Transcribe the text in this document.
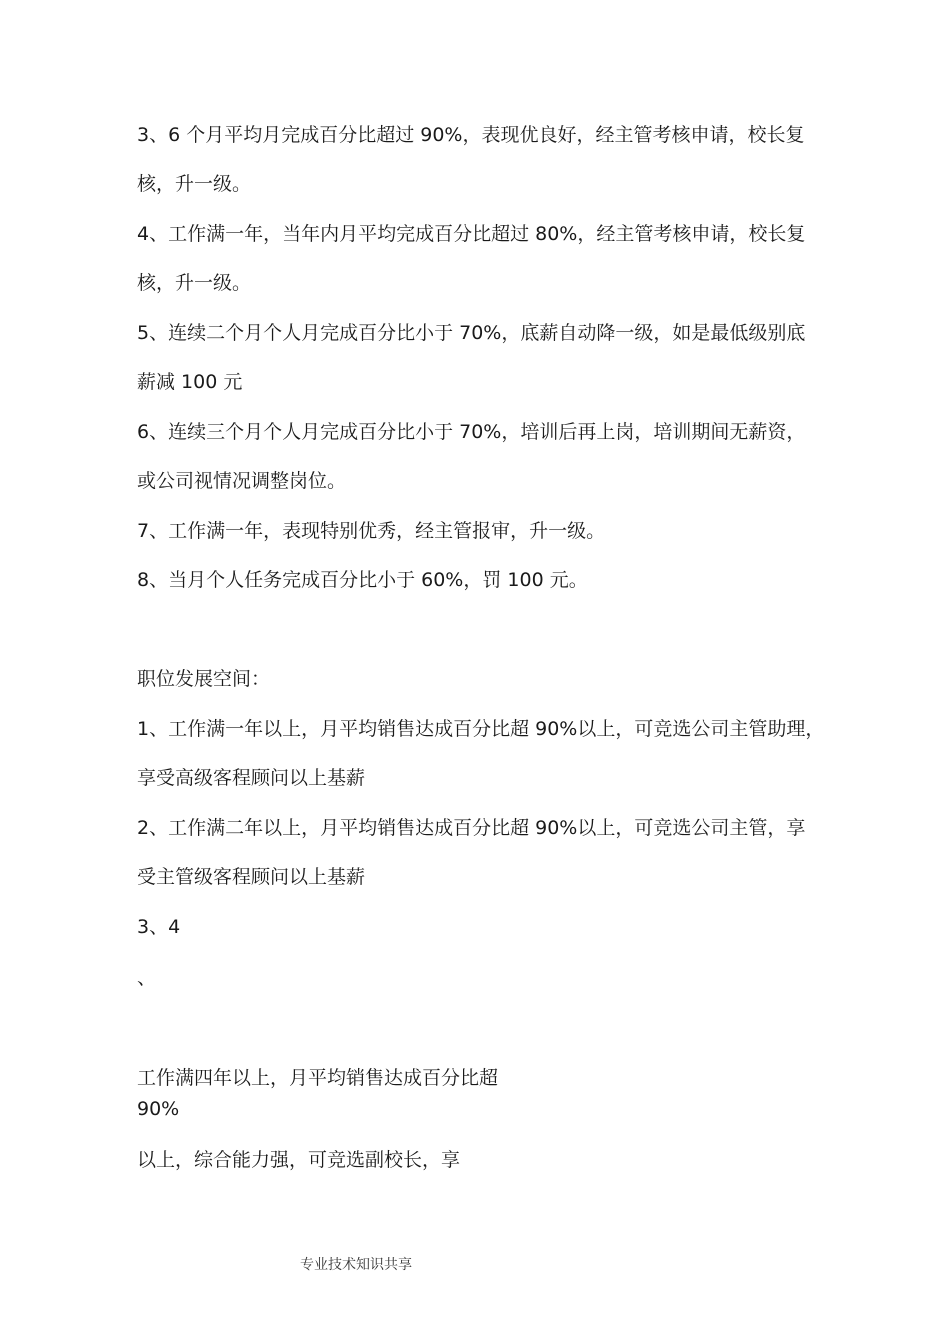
3、6 个月平均月完成百分比超过 90%，表现优良好，经主管考核申请，校长复
核，升一级。
4、工作满一年，当年内月平均完成百分比超过 80%，经主管考核申请，校长复
核，升一级。
5、连续二个月个人月完成百分比小于 70%，底薪自动降一级，如是最低级别底
薪减 100 元
6、连续三个月个人月完成百分比小于 70%，培训后再上岗，培训期间无薪资，
或公司视情况调整岗位。
7、工作满一年，表现特别优秀，经主管报审，升一级。
8、当月个人任务完成百分比小于 60%，罚 100 元。
职位发展空间：
1、工作满一年以上，月平均销售达成百分比超 90%以上，可竞选公司主管助理，
享受高级客程顾问以上基薪
2、工作满二年以上，月平均销售达成百分比超 90%以上，可竞选公司主管，享
受主管级客程顾问以上基薪
3、4
、
工作满四年以上，月平均销售达成百分比超
90%
以上，综合能力强，可竞选副校长，享
专业技术知识共享
